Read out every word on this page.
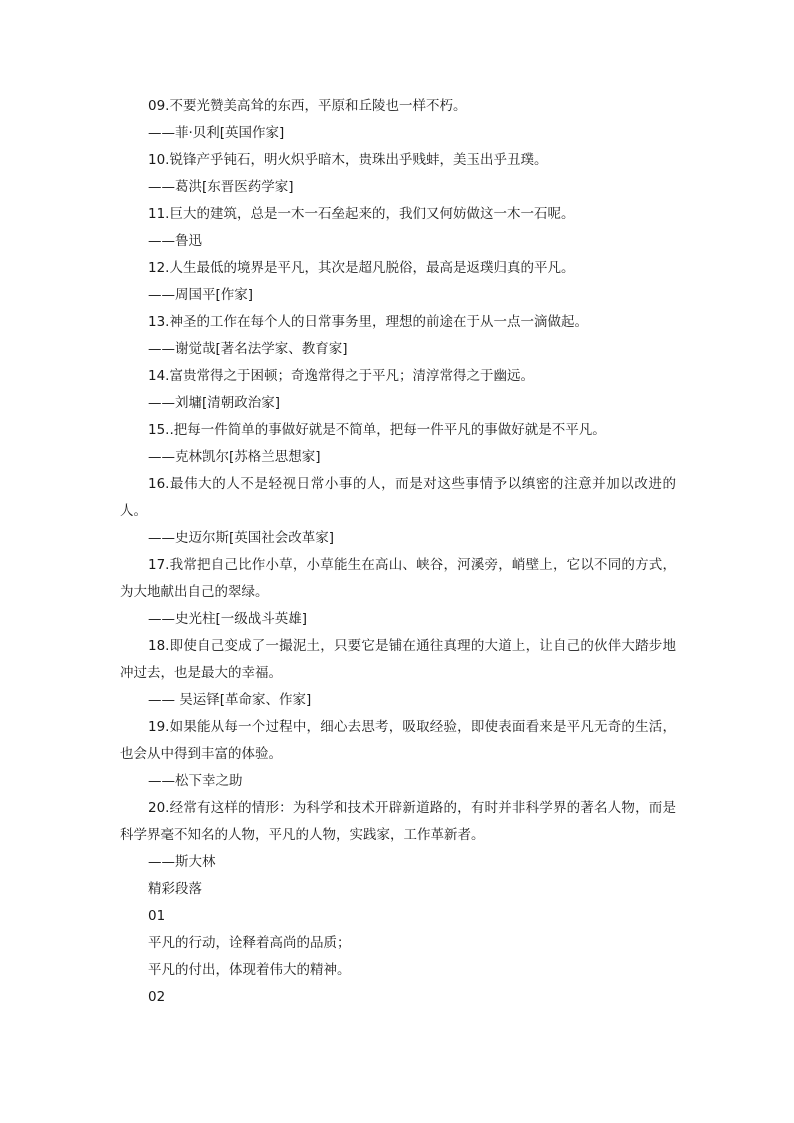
09.不要光赞美高耸的东西，平原和丘陵也一样不朽。
——菲·贝利[英国作家]
10.锐锋产乎钝石，明火炽乎暗木，贵珠出乎贱蚌，美玉出乎丑璞。
——葛洪[东晋医药学家]
11.巨大的建筑，总是一木一石垒起来的，我们又何妨做这一木一石呢。
——鲁迅
12.人生最低的境界是平凡，其次是超凡脱俗，最高是返璞归真的平凡。
——周国平[作家]
13.神圣的工作在每个人的日常事务里，理想的前途在于从一点一滴做起。
——谢觉哉[著名法学家、教育家]
14.富贵常得之于困顿；奇逸常得之于平凡；清淳常得之于幽远。
——刘墉[清朝政治家]
15..把每一件简单的事做好就是不简单，把每一件平凡的事做好就是不平凡。
——克林凯尔[苏格兰思想家]
16.最伟大的人不是轻视日常小事的人，而是对这些事情予以缜密的注意并加以改进的人。
——史迈尔斯[英国社会改革家]
17.我常把自己比作小草，小草能生在高山、峡谷，河溪旁，峭壁上，它以不同的方式，为大地献出自己的翠绿。
——史光柱[一级战斗英雄]
18.即使自己变成了一撮泥土，只要它是铺在通往真理的大道上，让自己的伙伴大踏步地冲过去，也是最大的幸福。
—— 吴运铎[革命家、作家]
19.如果能从每一个过程中，细心去思考，吸取经验，即使表面看来是平凡无奇的生活，也会从中得到丰富的体验。
——松下幸之助
20.经常有这样的情形：为科学和技术开辟新道路的，有时并非科学界的著名人物，而是科学界毫不知名的人物，平凡的人物，实践家，工作革新者。
——斯大林
精彩段落
01
平凡的行动，诠释着高尚的品质；
平凡的付出，体现着伟大的精神。
02
